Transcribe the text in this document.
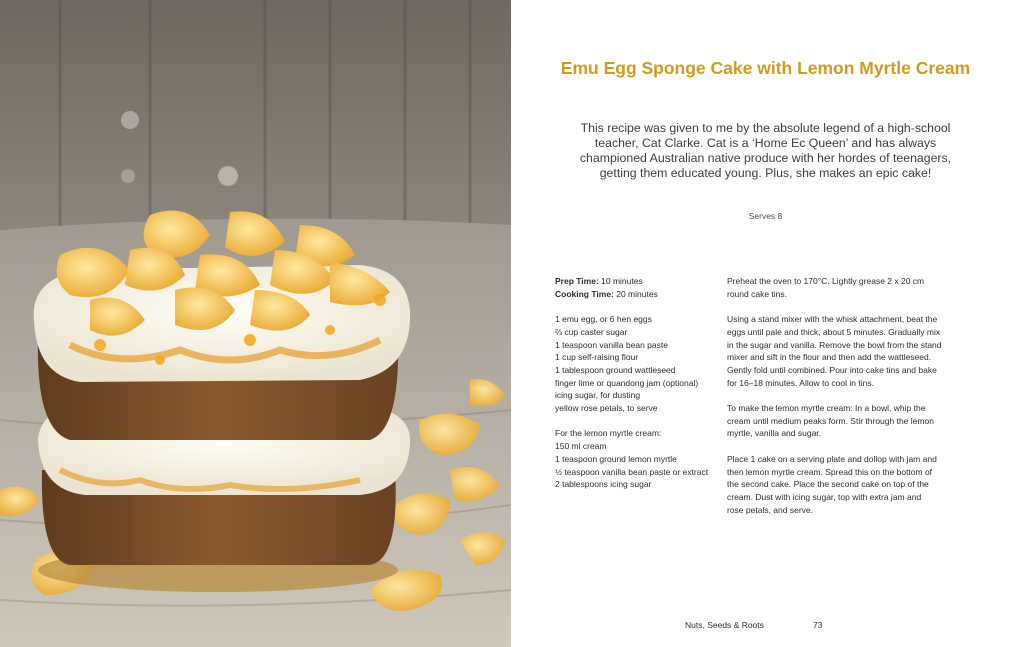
Emu Egg Sponge Cake with Lemon Myrtle Cream
This recipe was given to me by the absolute legend of a high-school
teacher, Cat Clarke. Cat is a ‘Home Ec Queen’ and has always
championed Australian native produce with her hordes of teenagers,
getting them educated young. Plus, she makes an epic cake!
Serves 8
Prep Time: 10 minutes
Cooking Time: 20 minutes
1 emu egg, or 6 hen eggs
⅔ cup caster sugar
1 teaspoon vanilla bean paste
1 cup self-raising flour
1 tablespoon ground wattleseed
finger lime or quandong jam (optional)
icing sugar, for dusting
yellow rose petals, to serve
For the lemon myrtle cream:
150 ml cream
1 teaspoon ground lemon myrtle
½ teaspoon vanilla bean paste or extract
2 tablespoons icing sugar
Preheat the oven to 170°C. Lightly grease 2 x 20 cm
round cake tins.
Using a stand mixer with the whisk attachment, beat the
eggs until pale and thick, about 5 minutes. Gradually mix
in the sugar and vanilla. Remove the bowl from the stand
mixer and sift in the flour and then add the wattleseed.
Gently fold until combined. Pour into cake tins and bake
for 16–18 minutes. Allow to cool in tins.
To make the lemon myrtle cream: In a bowl, whip the
cream until medium peaks form. Stir through the lemon
myrtle, vanilla and sugar.
Place 1 cake on a serving plate and dollop with jam and
then lemon myrtle cream. Spread this on the bottom of
the second cake. Place the second cake on top of the
cream. Dust with icing sugar, top with extra jam and
rose petals, and serve.
Nuts, Seeds & Roots	73
